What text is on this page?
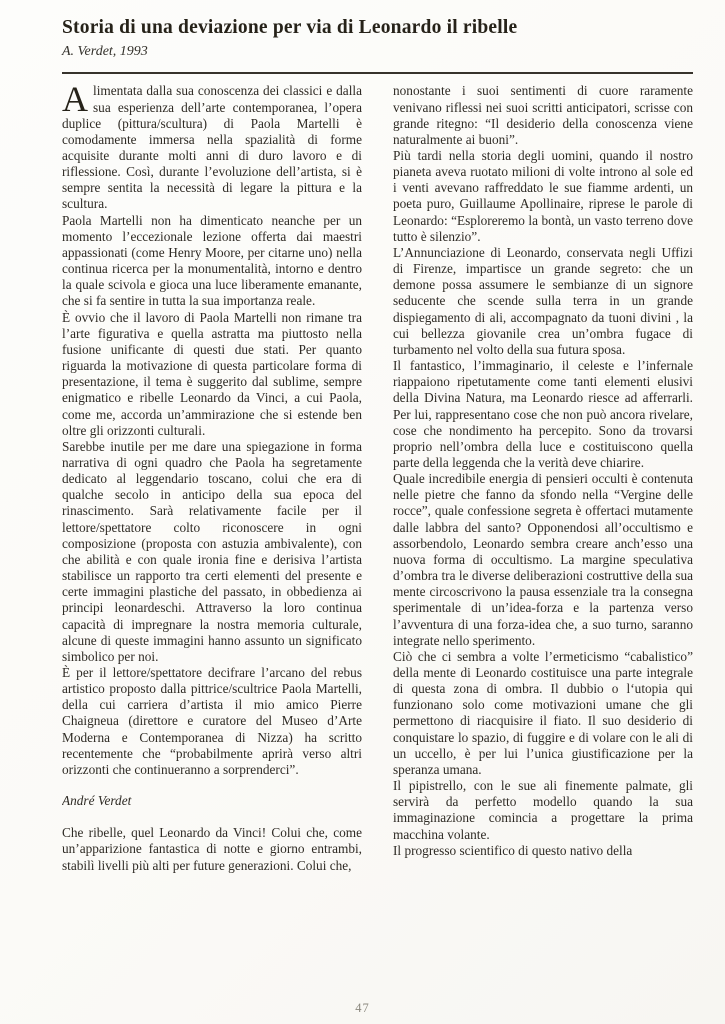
Storia di una deviazione per via di Leonardo il ribelle
A. Verdet, 1993

Alimentata dalla sua conoscenza dei classici e dalla sua esperienza dell’arte contemporanea, l’opera duplice (pittura/scultura) di Paola Martelli è comodamente immersa nella spazialità di forme acquisite durante molti anni di duro lavoro e di riflessione. Così, durante l’evoluzione dell’artista, si è sempre sentita la necessità di legare la pittura e la scultura.

Paola Martelli non ha dimenticato neanche per un momento l’eccezionale lezione offerta dai maestri appassionati (come Henry Moore, per citarne uno) nella continua ricerca per la monumentalità, intorno e dentro la quale scivola e gioca una luce liberamente emanante, che si fa sentire in tutta la sua importanza reale.

È ovvio che il lavoro di Paola Martelli non rimane tra l’arte figurativa e quella astratta ma piuttosto nella fusione unificante di questi due stati. Per quanto riguarda la motivazione di questa particolare forma di presentazione, il tema è suggerito dal sublime, sempre enigmatico e ribelle Leonardo da Vinci, a cui Paola, come me, accorda un’ammirazione che si estende ben oltre gli orizzonti culturali.

Sarebbe inutile per me dare una spiegazione in forma narrativa di ogni quadro che Paola ha segretamente dedicato al leggendario toscano, colui che era di qualche secolo in anticipo della sua epoca del rinascimento. Sarà relativamente facile per il lettore/spettatore colto riconoscere in ogni composizione (proposta con astuzia ambivalente), con che abilità e con quale ironia fine e derisiva l’artista stabilisce un rapporto tra certi elementi del presente e certe immagini plastiche del passato, in obbedienza ai principi leonardeschi. Attraverso la loro continua capacità di impregnare la nostra memoria culturale, alcune di queste immagini hanno assunto un significato simbolico per noi.

È per il lettore/spettatore decifrare l’arcano del rebus artistico proposto dalla pittrice/scultrice Paola Martelli, della cui carriera d’artista il mio amico Pierre Chaigneua (direttore e curatore del Museo d’Arte Moderna e Contemporanea di Nizza) ha scritto recentemente che “probabilmente aprirà verso altri orizzonti che continueranno a sorprenderci”.

André Verdet

Che ribelle, quel Leonardo da Vinci! Colui che, come un’apparizione fantastica di notte e giorno entrambi, stabilì livelli più alti per future generazioni. Colui che,

nonostante i suoi sentimenti di cuore raramente venivano riflessi nei suoi scritti anticipatori, scrisse con grande ritegno: “Il desiderio della conoscenza viene naturalmente ai buoni”.

Più tardi nella storia degli uomini, quando il nostro pianeta aveva ruotato milioni di volte introno al sole ed i venti avevano raffreddato le sue fiamme ardenti, un poeta puro, Guillaume Apollinaire, riprese le parole di Leonardo: “Esploreremo la bontà, un vasto terreno dove tutto è silenzio”.

L’Annunciazione di Leonardo, conservata negli Uffizi di Firenze, impartisce un grande segreto: che un demone possa assumere le sembianze di un signore seducente che scende sulla terra in un grande dispiegamento di ali, accompagnato da tuoni divini , la cui bellezza giovanile crea un’ombra fugace di turbamento nel volto della sua futura sposa.

Il fantastico, l’immaginario, il celeste e l’infernale riappaiono ripetutamente come tanti elementi elusivi della Divina Natura, ma Leonardo riesce ad afferrarli. Per lui, rappresentano cose che non può ancora rivelare, cose che nondimento ha percepito. Sono da trovarsi proprio nell’ombra della luce e costituiscono quella parte della leggenda che la verità deve chiarire.

Quale incredibile energia di pensieri occulti è contenuta nelle pietre che fanno da sfondo nella “Vergine delle rocce”, quale confessione segreta è offertaci mutamente dalle labbra del santo? Opponendosi all’occultismo e assorbendolo, Leonardo sembra creare anch’esso una nuova forma di occultismo. La margine speculativa d’ombra tra le diverse deliberazioni costruttive della sua mente circoscrivono la pausa essenziale tra la consegna sperimentale di un’idea-forza e la partenza verso l’avventura di una forza-idea che, a suo turno, saranno integrate nello sperimento.

Ciò che ci sembra a volte l’ermeticismo “cabalistico” della mente di Leonardo costituisce una parte integrale di questa zona di ombra. Il dubbio o l‘utopia qui funzionano solo come motivazioni umane che gli permettono di riacquisire il fiato. Il suo desiderio di conquistare lo spazio, di fuggire e di volare con le ali di un uccello, è per lui l’unica giustificazione per la speranza umana.

Il pipistrello, con le sue ali finemente palmate, gli servirà da perfetto modello quando la sua immaginazione comincia a progettare la prima macchina volante.

Il progresso scientifico di questo nativo della

47
